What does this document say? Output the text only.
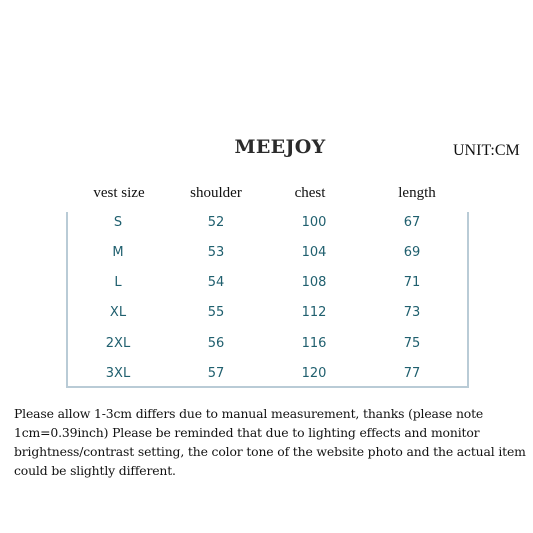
MEEJOY	UNIT:CM
vest size	shoulder	chest	length
S	52	100	67
M	53	104	69
L	54	108	71
XL	55	112	73
2XL	56	116	75
3XL	57	120	77
Please allow 1-3cm differs due to manual measurement, thanks (please note 1cm=0.39inch) Please be reminded that due to lighting effects and monitor brightness/contrast setting, the color tone of the website photo and the actual item could be slightly different.
